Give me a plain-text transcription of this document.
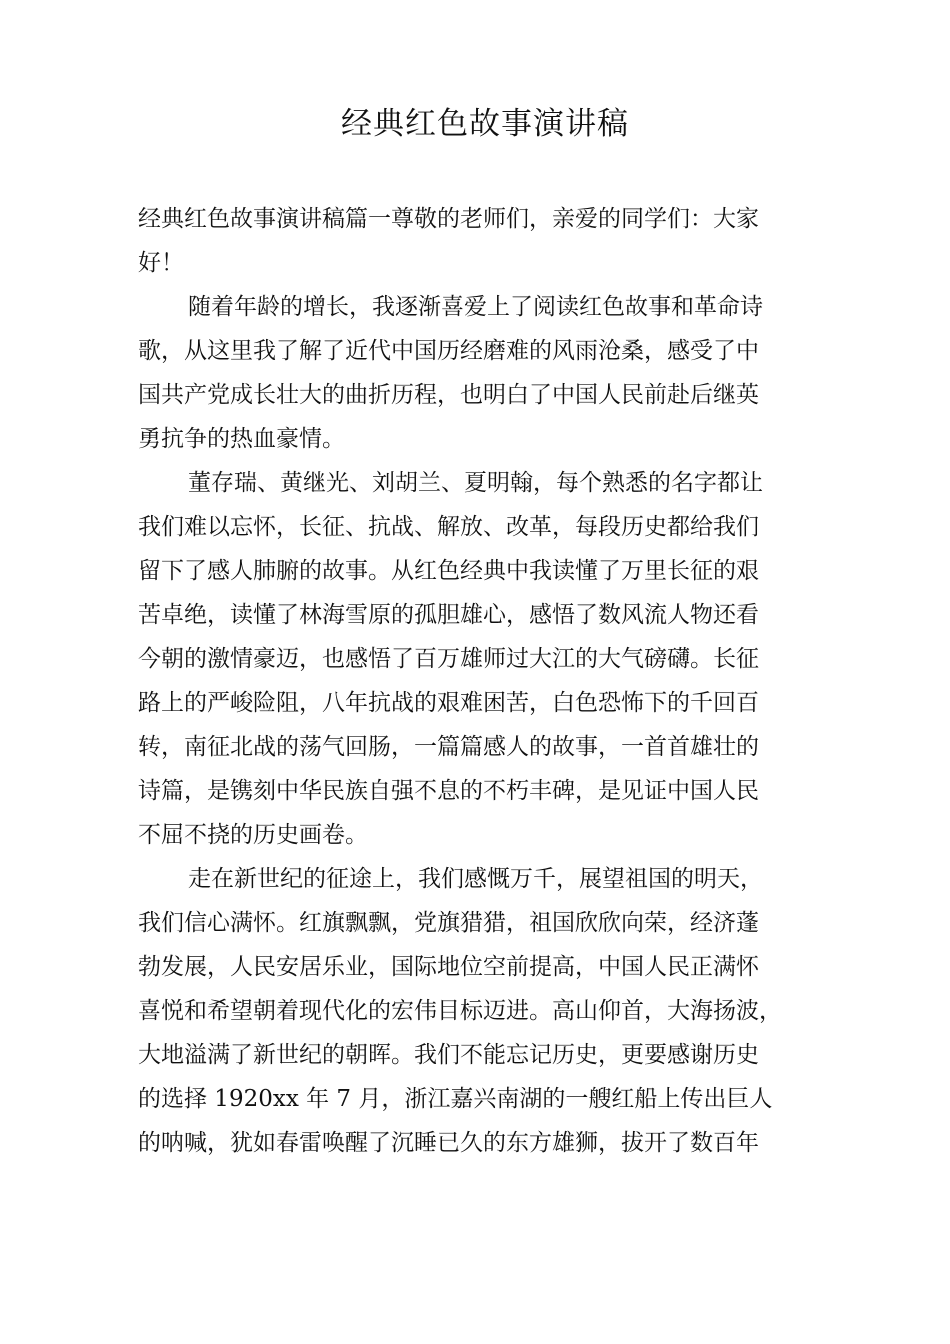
经典红色故事演讲稿
经典红色故事演讲稿篇一尊敬的老师们，亲爱的同学们：大家
好！
随着年龄的增长，我逐渐喜爱上了阅读红色故事和革命诗
歌，从这里我了解了近代中国历经磨难的风雨沧桑，感受了中
国共产党成长壮大的曲折历程，也明白了中国人民前赴后继英
勇抗争的热血豪情。
董存瑞、黄继光、刘胡兰、夏明翰，每个熟悉的名字都让
我们难以忘怀，长征、抗战、解放、改革，每段历史都给我们
留下了感人肺腑的故事。从红色经典中我读懂了万里长征的艰
苦卓绝，读懂了林海雪原的孤胆雄心，感悟了数风流人物还看
今朝的激情豪迈，也感悟了百万雄师过大江的大气磅礴。长征
路上的严峻险阻，八年抗战的艰难困苦，白色恐怖下的千回百
转，南征北战的荡气回肠，一篇篇感人的故事，一首首雄壮的
诗篇，是镌刻中华民族自强不息的不朽丰碑，是见证中国人民
不屈不挠的历史画卷。
走在新世纪的征途上，我们感慨万千，展望祖国的明天，
我们信心满怀。红旗飘飘，党旗猎猎，祖国欣欣向荣，经济蓬
勃发展，人民安居乐业，国际地位空前提高，中国人民正满怀
喜悦和希望朝着现代化的宏伟目标迈进。高山仰首，大海扬波，
大地溢满了新世纪的朝晖。我们不能忘记历史，更要感谢历史
的选择 1920xx 年 7 月，浙江嘉兴南湖的一艘红船上传出巨人
的呐喊，犹如春雷唤醒了沉睡已久的东方雄狮，拔开了数百年
